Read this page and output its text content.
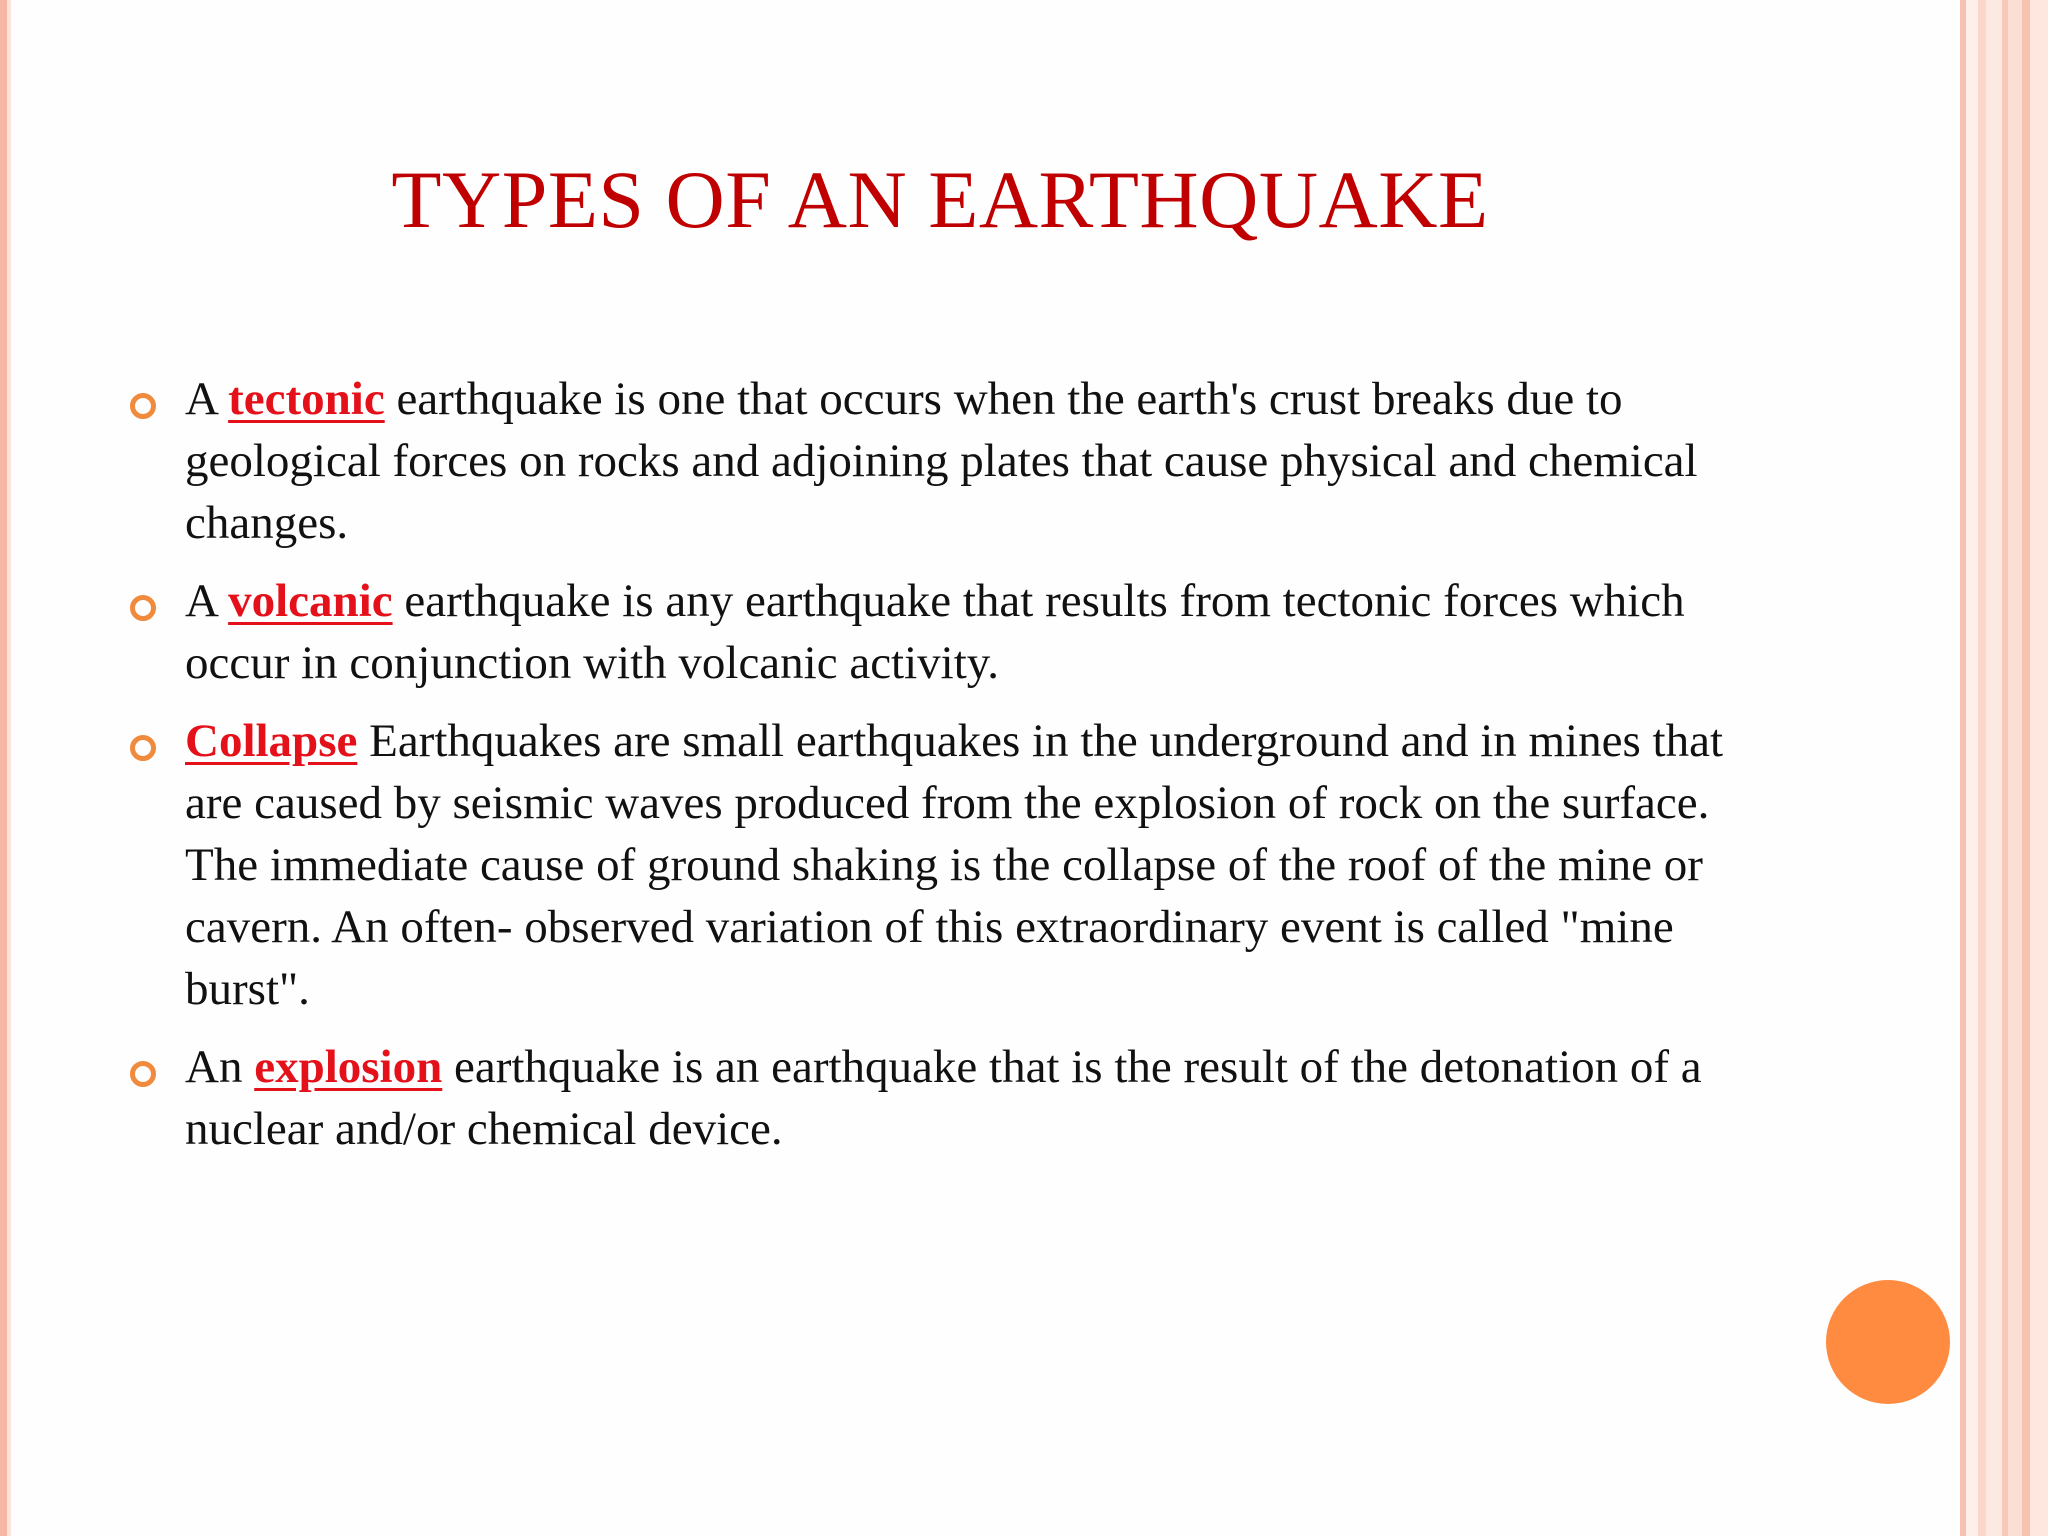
TYPES OF AN EARTHQUAKE
A tectonic earthquake is one that occurs when the earth's crust breaks due to geological forces on rocks and adjoining plates that cause physical and chemical changes.
A volcanic earthquake is any earthquake that results from tectonic forces which occur in conjunction with volcanic activity.
Collapse Earthquakes are small earthquakes in the underground and in mines that are caused by seismic waves produced from the explosion of rock on the surface. The immediate cause of ground shaking is the collapse of the roof of the mine or cavern. An often- observed variation of this extraordinary event is called "mine burst".
An explosion earthquake is an earthquake that is the result of the detonation of a nuclear and/or chemical device.
